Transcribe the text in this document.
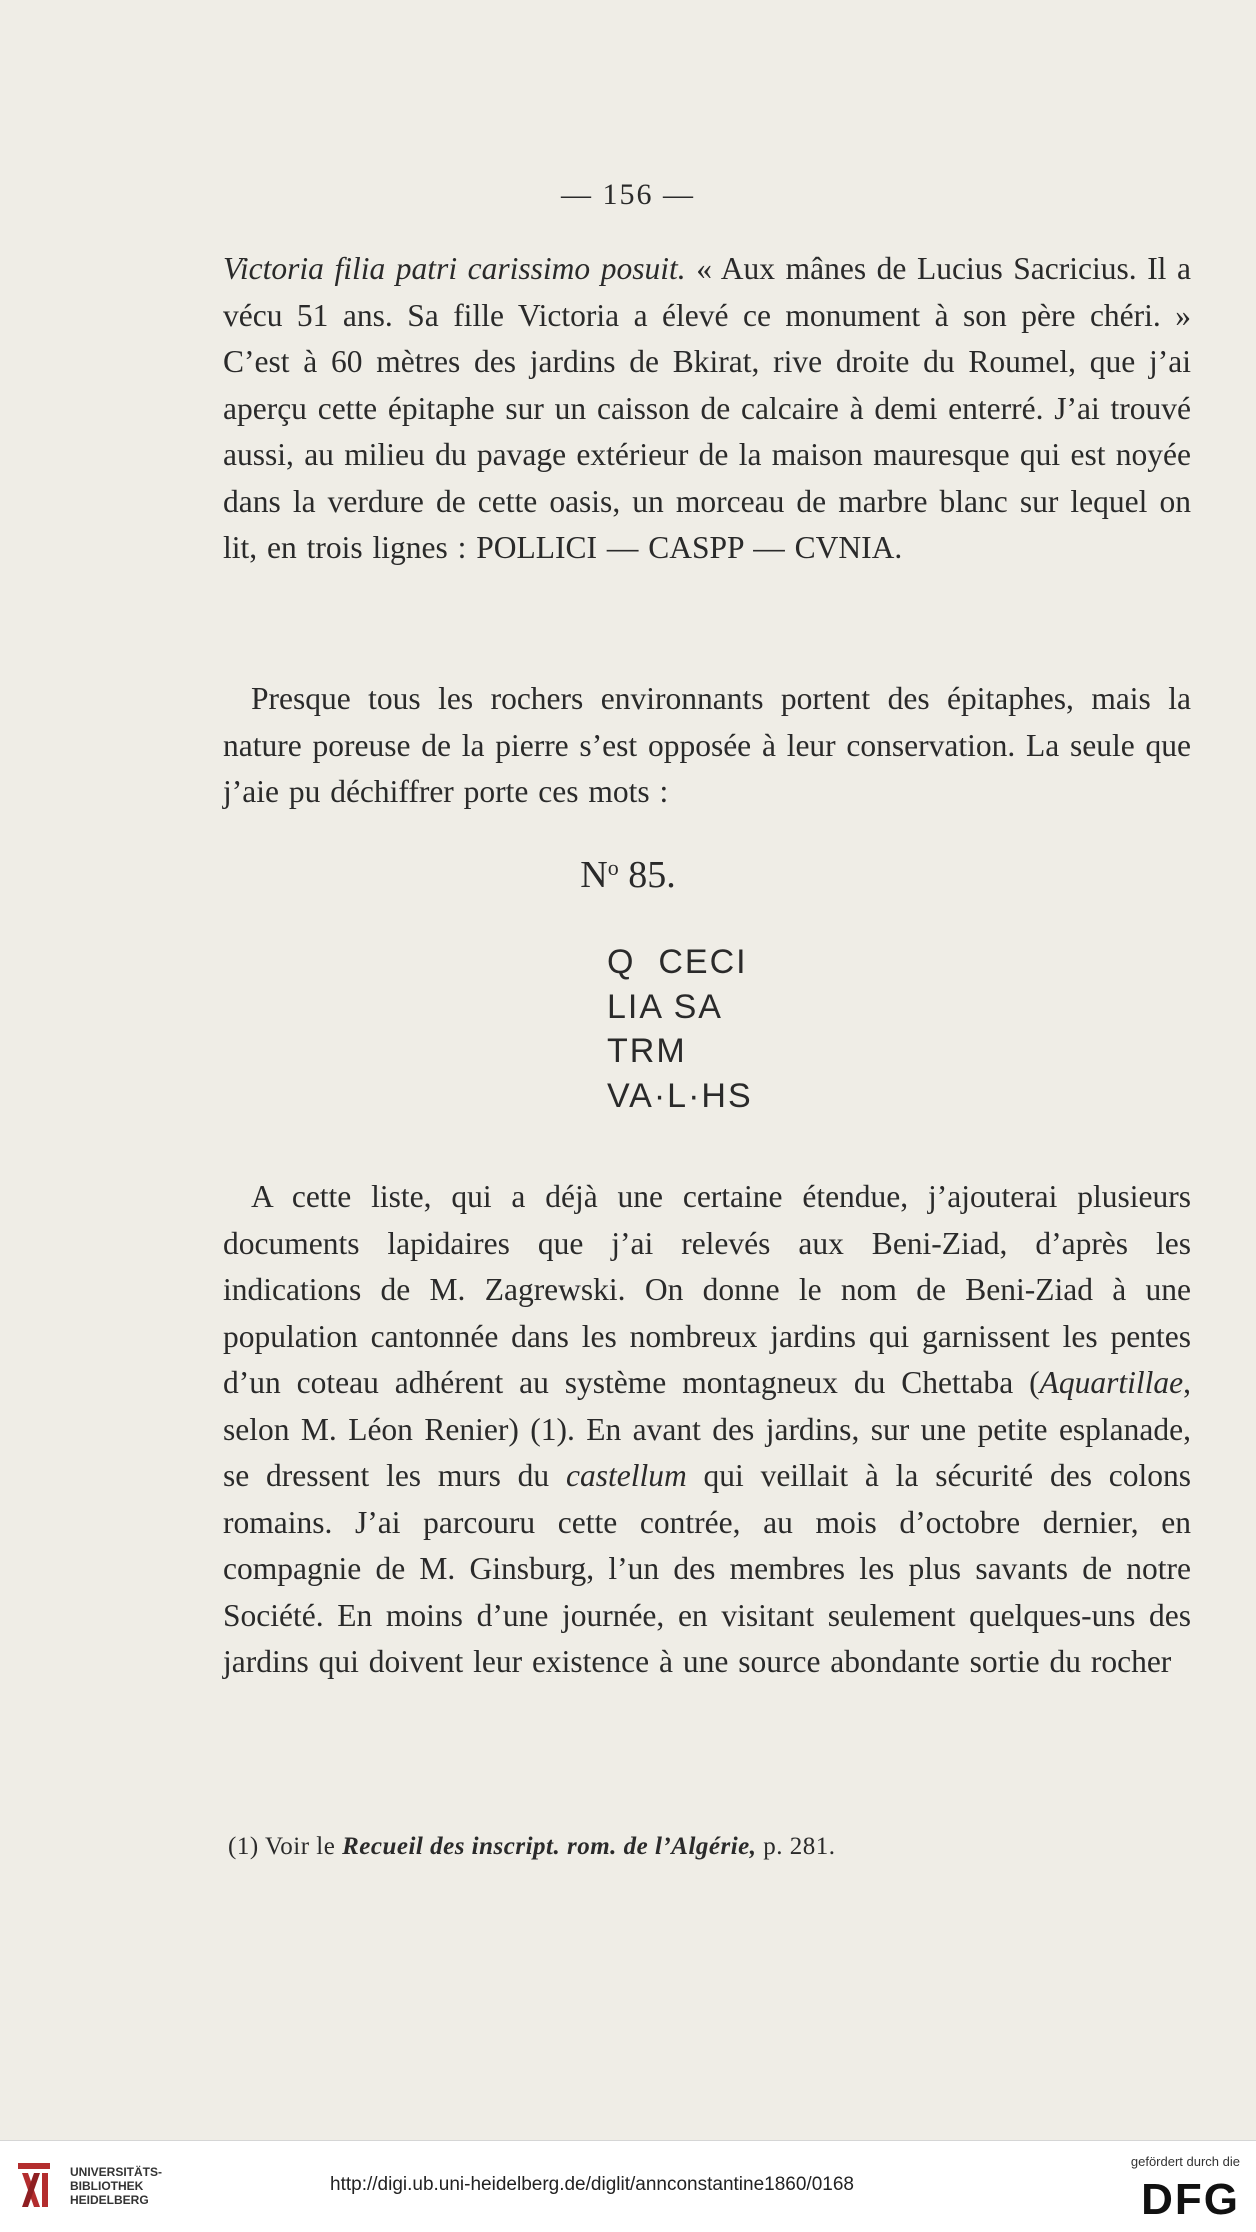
— 156 —

Victoria filia patri carissimo posuit. « Aux mânes de Lucius Sacricius. Il a vécu 51 ans. Sa fille Victoria a élevé ce monument à son père chéri. » C’est à 60 mètres des jardins de Bkirat, rive droite du Roumel, que j’ai aperçu cette épitaphe sur un caisson de calcaire à demi enterré. J’ai trouvé aussi, au milieu du pavage extérieur de la maison mauresque qui est noyée dans la verdure de cette oasis, un morceau de marbre blanc sur lequel on lit, en trois lignes : POLLICI — CASPP — CVNIA.

Presque tous les rochers environnants portent des épitaphes, mais la nature poreuse de la pierre s’est opposée à leur conservation. La seule que j’aie pu déchiffrer porte ces mots :

$N^o$ 85.
Q  CECI
LIA SA
TRM
VA·L·HS

A cette liste, qui a déjà une certaine étendue, j’ajouterai plusieurs documents lapidaires que j’ai relevés aux Beni-Ziad, d’après les indications de M. Zagrewski. On donne le nom de Beni-Ziad à une population cantonnée dans les nombreux jardins qui garnissent les pentes d’un coteau adhérent au système montagneux du Chettaba (Aquartillae, selon M. Léon Renier) (1). En avant des jardins, sur une petite esplanade, se dressent les murs du castellum qui veillait à la sécurité des colons romains. J’ai parcouru cette contrée, au mois d’octobre dernier, en compagnie de M. Ginsburg, l’un des membres les plus savants de notre Société. En moins d’une journée, en visitant seulement quelques-uns des jardins qui doivent leur existence à une source abondante sortie du rocher

(1) Voir le Recueil des inscript. rom. de l’Algérie, p. 281.
UNIVERSITÄTS-
BIBLIOTHEK
HEIDELBERG
http://digi.ub.uni-heidelberg.de/diglit/annconstantine1860/0168
gefördert durch die
DFG
